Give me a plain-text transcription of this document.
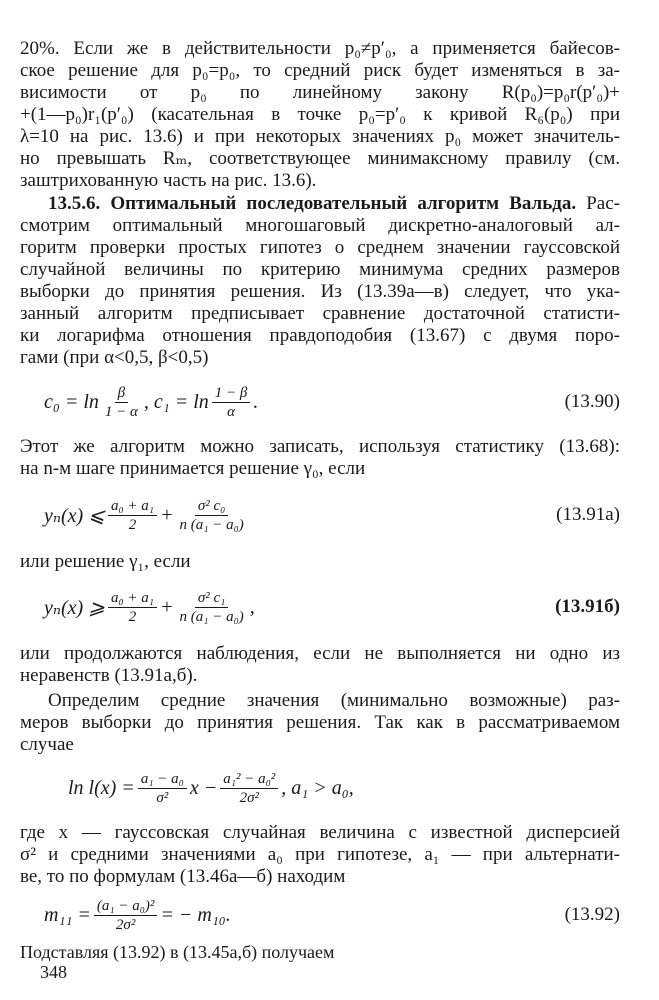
20%. Если же в действительности p₀≠p′₀, а применяется байесов-
ское решение для p₀=p₀, то средний риск будет изменяться в за-
висимости от p₀ по линейному закону R(p₀)=p₀r(p′₀)+
+(1—p₀)r₁(p′₀) (касательная в точке p₀=p′₀ к кривой R₆(p₀) при
λ=10 на рис. 13.6) и при некоторых значениях p₀ может значитель-
но превышать Rₘ, соответствующее минимаксному правилу (см.
заштрихованную часть на рис. 13.6).
13.5.6. Оптимальный последовательный алгоритм Вальда. Рас-
смотрим оптимальный многошаговый дискретно-аналоговый ал-
горитм проверки простых гипотез о среднем значении гауссовской
случайной величины по критерию минимума средних размеров
выборки до принятия решения. Из (13.39а—в) следует, что ука-
занный алгоритм предписывает сравнение достаточной статисти-
ки логарифма отношения правдоподобия (13.67) с двумя поро-
гами (при α<0,5, β<0,5)
$c_0 = \ln \frac{\beta}{1 - \alpha}$ , $c_1 = \ln \frac{1 - \beta}{\alpha}$ .	(13.90)
Этот же алгоритм можно записать, используя статистику (13.68):
на n-м шаге принимается решение γ₀, если
yₙ(x) ⩽ $\frac{\text{a₀ + a₁}}{2} + \frac{\text{σ² c₀}}{\text{n (a₁ − a₀)}}$	(13.91а)
или решение γ₁, если
yₙ(x) ⩾ $\frac{\text{a₀ + a₁}}{2} + \frac{\text{σ² c₁}}{\text{n (a₁ − a₀)}}$ ,	(13.91б)
или продолжаются наблюдения, если не выполняется ни одно из
неравенств (13.91а,б).
Определим средние значения (минимально возможные) раз-
меров выборки до принятия решения. Так как в рассматриваемом
случае
$\ln l(x) = \frac{\text{a₁ − a₀}}{\text{σ²}}$ $x - \frac{\text{a₁² − a₀²}}{\text{2σ²}}$ , a₁ > a₀,
где x — гауссовская случайная величина с известной дисперсией
σ² и средними значениями a₀ при гипотезе, a₁ — при альтернати-
ве, то по формулам (13.46а—б) находим
$m_{11} = \frac{\text{(a₁ − a₀)²}}{\text{2σ²}}$ = − m₁₀.	(13.92)
Подставляя (13.92) в (13.45а,б) получаем
348
